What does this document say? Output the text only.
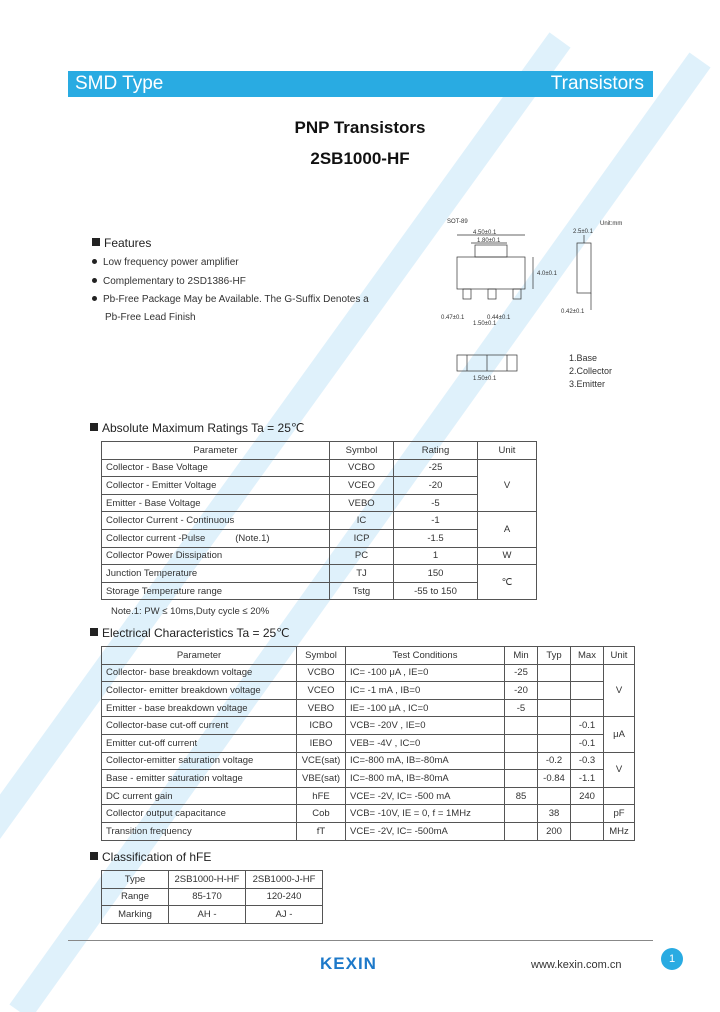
SMD Type	Transistors
PNP Transistors
2SB1000-HF
Features
Low frequency power amplifier
Complementary to 2SD1386-HF
Pb-Free Package May be Available. The G-Suffix Denotes a
Pb-Free Lead Finish
SOT-89	Unit:mm
4.50±0.1
1.80±0.1
0.47±0.1
1.50±0.1
0.44±0.1
4.0±0.1
2.5±0.1
0.42±0.1
1.50±0.1
1.Base
2.Collector
3.Emitter
Absolute Maximum Ratings Ta = 25℃
Parameter	Symbol	Rating	Unit
Collector - Base Voltage	VCBO	-25	V
Collector - Emitter Voltage	VCEO	-20	
Emitter - Base Voltage	VEBO	-5	
Collector Current - Continuous	IC	-1	A
Collector current -Pulse (Note.1)	ICP	-1.5	
Collector Power Dissipation	PC	1	W
Junction Temperature	TJ	150	℃
Storage Temperature range	Tstg	-55 to 150	
Note.1: PW ≤ 10ms,Duty cycle ≤ 20%
Electrical Characteristics Ta = 25℃
Parameter	Symbol	Test Conditions	Min	Typ	Max	Unit
Collector- base breakdown voltage	VCBO	IC= -100 μA , IE=0	-25			V
Collector- emitter breakdown voltage	VCEO	IC= -1 mA , IB=0	-20			
Emitter - base breakdown voltage	VEBO	IE= -100 μA , IC=0	-5			
Collector-base cut-off current	ICBO	VCB= -20V , IE=0			-0.1	μA
Emitter cut-off current	IEBO	VEB= -4V , IC=0			-0.1	
Collector-emitter saturation voltage	VCE(sat)	IC=-800 mA, IB=-80mA		-0.2	-0.3	V
Base - emitter saturation voltage	VBE(sat)	IC=-800 mA, IB=-80mA		-0.84	-1.1	
DC current gain	hFE	VCE= -2V, IC= -500 mA	85		240	
Collector output capacitance	Cob	VCB= -10V, IE = 0, f = 1MHz		38		pF
Transition frequency	fT	VCE= -2V, IC= -500mA		200		MHz
Classification of hFE
Type	2SB1000-H-HF	2SB1000-J-HF
Range	85-170	120-240
Marking	AH -	AJ -
KEXIN	www.kexin.com.cn	1
